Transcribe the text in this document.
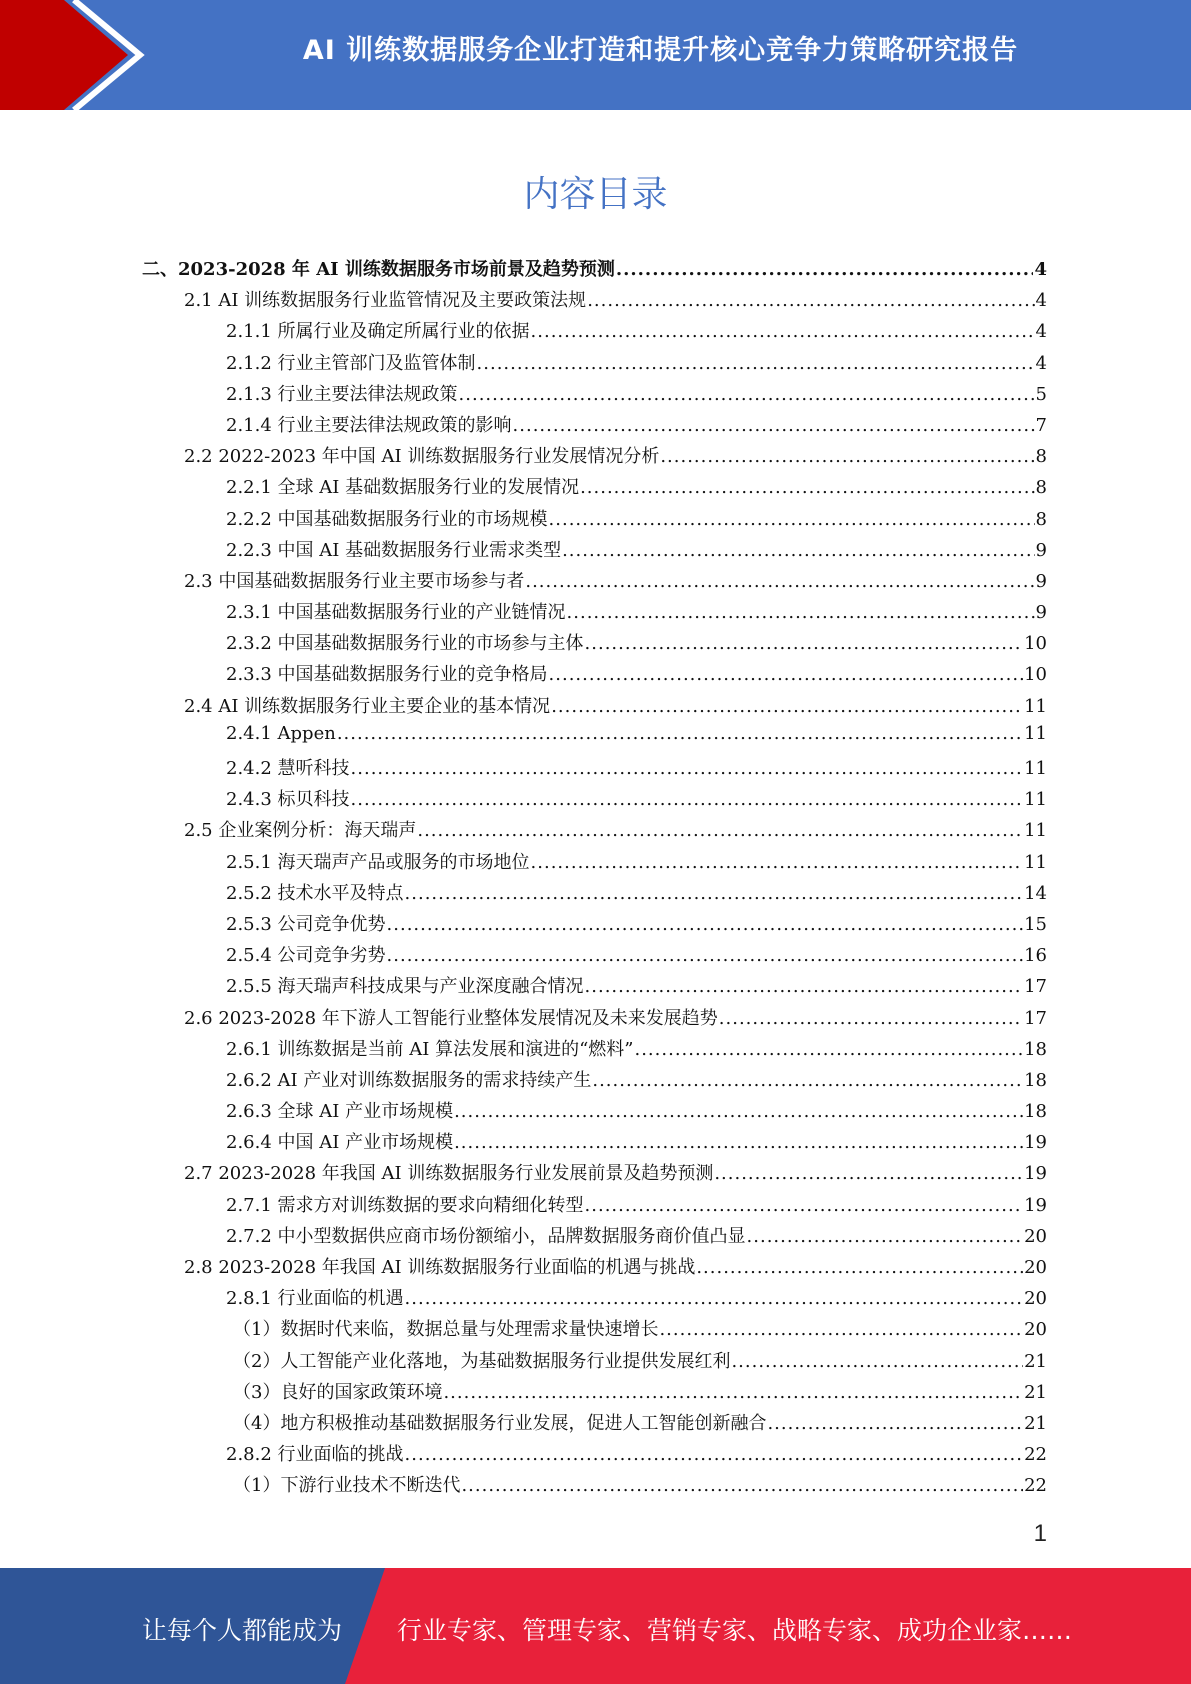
AI 训练数据服务企业打造和提升核心竞争力策略研究报告
内容目录
二、2023-2028 年 AI 训练数据服务市场前景及趋势预测 .....	4
2.1 AI 训练数据服务行业监管情况及主要政策法规 .....	4
2.1.1 所属行业及确定所属行业的依据 .....	4
2.1.2 行业主管部门及监管体制 .....	4
2.1.3 行业主要法律法规政策 .....	5
2.1.4 行业主要法律法规政策的影响 .....	7
2.2 2022-2023 年中国 AI 训练数据服务行业发展情况分析 .....	8
2.2.1 全球 AI 基础数据服务行业的发展情况 .....	8
2.2.2 中国基础数据服务行业的市场规模 .....	8
2.2.3 中国 AI 基础数据服务行业需求类型 .....	9
2.3 中国基础数据服务行业主要市场参与者 .....	9
2.3.1 中国基础数据服务行业的产业链情况 .....	9
2.3.2 中国基础数据服务行业的市场参与主体 .....	10
2.3.3 中国基础数据服务行业的竞争格局 .....	10
2.4 AI 训练数据服务行业主要企业的基本情况 .....	11
2.4.1 Appen .....	11
2.4.2 慧听科技 .....	11
2.4.3 标贝科技 .....	11
2.5 企业案例分析：海天瑞声 .....	11
2.5.1 海天瑞声产品或服务的市场地位 .....	11
2.5.2 技术水平及特点 .....	14
2.5.3 公司竞争优势 .....	15
2.5.4 公司竞争劣势 .....	16
2.5.5 海天瑞声科技成果与产业深度融合情况 .....	17
2.6 2023-2028 年下游人工智能行业整体发展情况及未来发展趋势 .....	17
2.6.1 训练数据是当前 AI 算法发展和演进的“燃料” .....	18
2.6.2 AI 产业对训练数据服务的需求持续产生 .....	18
2.6.3 全球 AI 产业市场规模 .....	18
2.6.4 中国 AI 产业市场规模 .....	19
2.7 2023-2028 年我国 AI 训练数据服务行业发展前景及趋势预测 .....	19
2.7.1 需求方对训练数据的要求向精细化转型 .....	19
2.7.2 中小型数据供应商市场份额缩小，品牌数据服务商价值凸显 .....	20
2.8 2023-2028 年我国 AI 训练数据服务行业面临的机遇与挑战 .....	20
2.8.1 行业面临的机遇 .....	20
（1）数据时代来临，数据总量与处理需求量快速增长 .....	20
（2）人工智能产业化落地，为基础数据服务行业提供发展红利 .....	21
（3）良好的国家政策环境 .....	21
（4）地方积极推动基础数据服务行业发展，促进人工智能创新融合 .....	21
2.8.2 行业面临的挑战 .....	22
（1）下游行业技术不断迭代 .....	22
1
让每个人都能成为 行业专家、管理专家、营销专家、战略专家、成功企业家……
